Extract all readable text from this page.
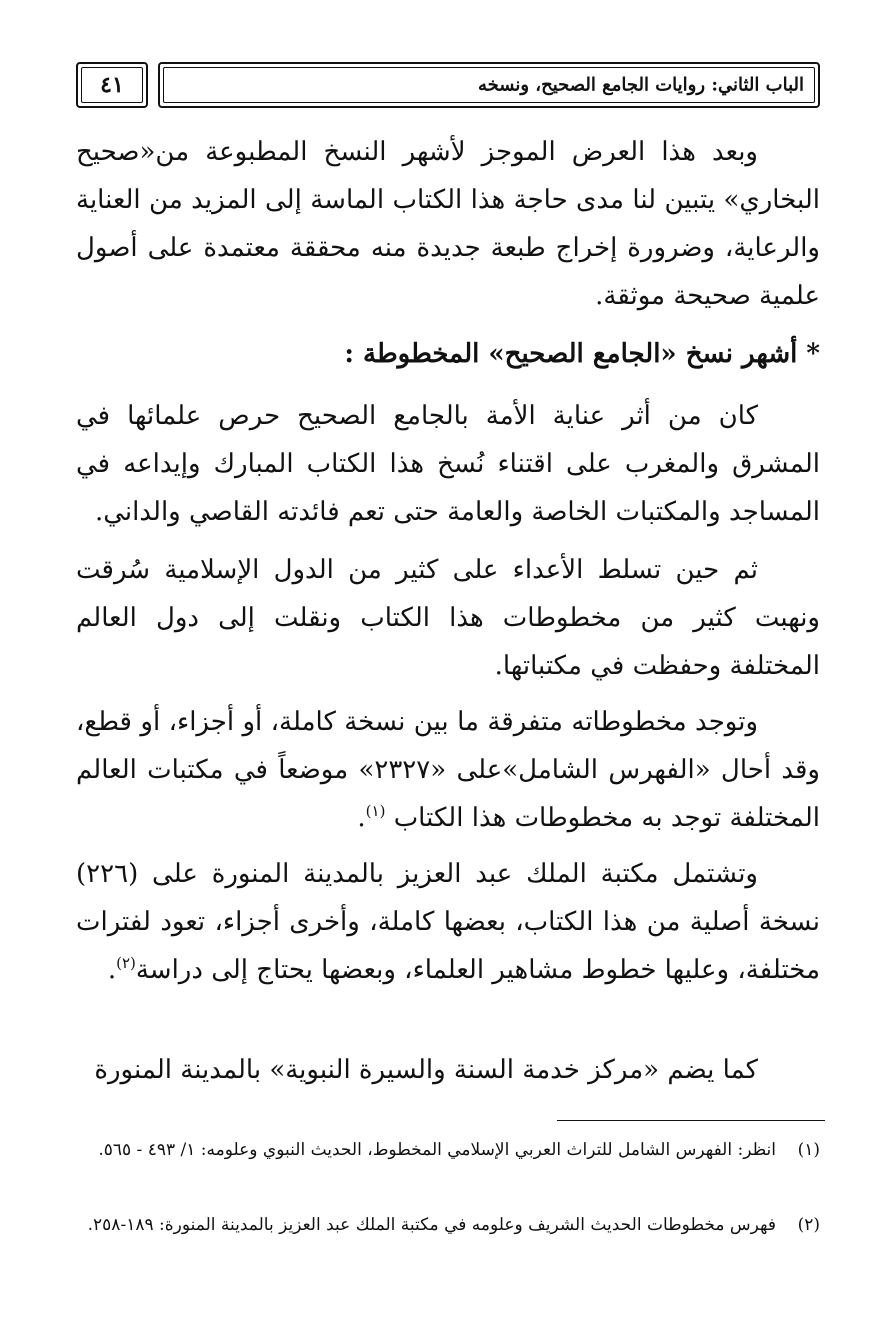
الباب الثاني: روايات الجامع الصحيح، ونسخه
٤١

وبعد هذا العرض الموجز لأشهر النسخ المطبوعة من«صحيح البخاري» يتبين لنا مدى حاجة هذا الكتاب الماسة إلى المزيد من العناية والرعاية، وضرورة إخراج طبعة جديدة منه محققة معتمدة على أصول علمية صحيحة موثقة.

* أشهر نسخ «الجامع الصحيح» المخطوطة :

كان من أثر عناية الأمة بالجامع الصحيح حرص علمائها في المشرق والمغرب على اقتناء نُسخ هذا الكتاب المبارك وإيداعه في المساجد والمكتبات الخاصة والعامة حتى تعم فائدته القاصي والداني.

ثم حين تسلط الأعداء على كثير من الدول الإسلامية سُرقت ونهبت كثير من مخطوطات هذا الكتاب ونقلت إلى دول العالم المختلفة وحفظت في مكتباتها.

وتوجد مخطوطاته متفرقة ما بين نسخة كاملة، أو أجزاء، أو قطع، وقد أحال «الفهرس الشامل»على «٢٣٢٧» موضعاً في مكتبات العالم المختلفة توجد به مخطوطات هذا الكتاب $^{(١)}$.

وتشتمل مكتبة الملك عبد العزيز بالمدينة المنورة على (٢٢٦) نسخة أصلية من هذا الكتاب، بعضها كاملة، وأخرى أجزاء، تعود لفترات مختلفة، وعليها خطوط مشاهير العلماء، وبعضها يحتاج إلى دراسة$^{(٢)}$.

كما يضم «مركز خدمة السنة والسيرة النبوية» بالمدينة المنورة

(١)انظر: الفهرس الشامل للتراث العربي الإسلامي المخطوط، الحديث النبوي وعلومه: ١/ ٤٩٣ - ٥٦٥.

(٢)فهرس مخطوطات الحديث الشريف وعلومه في مكتبة الملك عبد العزيز بالمدينة المنورة: ١٨٩-٢٥٨.
